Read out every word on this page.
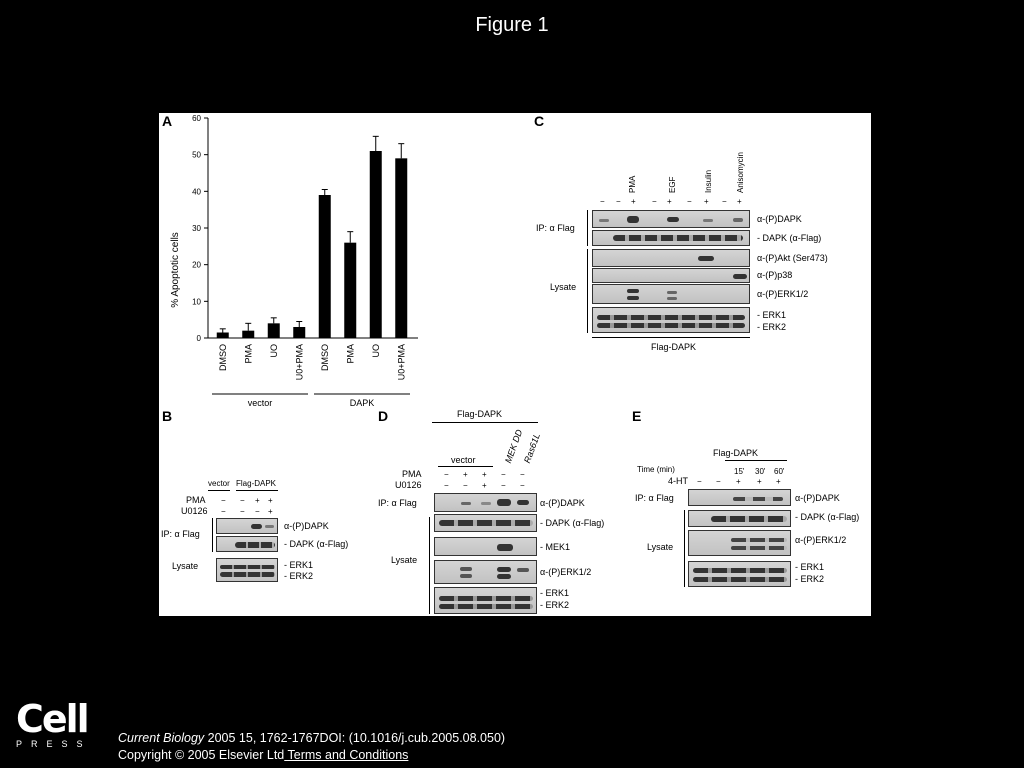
Figure 1
A
% Apoptotic cells
0
10
20
30
40
50
60
DMSO PMA UO U0+PMA DMSO PMA UO U0+PMA
vector	DAPK
C
PMA	EGF	Insulin	Anisomycin
− − + − + − + − +
IP: α Flag
Lysate
α-(P)DAPK
- DAPK (α-Flag)
α-(P)Akt (Ser473)
α-(P)p38
α-(P)ERK1/2
- ERK1
- ERK2
Flag-DAPK
B
vector Flag-DAPK
PMA − − + +
U0126 − − − +
IP: α Flag
Lysate
α-(P)DAPK
- DAPK (α-Flag)
- ERK1
- ERK2
D	Flag-DAPK
vector	MEK DD
Ras61L
PMA	− + + − −
U0126	− − + − −
IP: α Flag
Lysate
α-(P)DAPK
- DAPK (α-Flag)
- MEK1
α-(P)ERK1/2
- ERK1
- ERK2
E
Flag-DAPK
Time (min)	15' 30' 60'
4-HT − − + + +
IP: α Flag
Lysate
α-(P)DAPK
- DAPK (α-Flag)
α-(P)ERK1/2
- ERK1
- ERK2
Cell
PRESS Current Biology 2005 15, 1762-1767DOI: (10.1016/j.cub.2005.08.050)
Copyright © 2005 Elsevier Ltd Terms and Conditions
